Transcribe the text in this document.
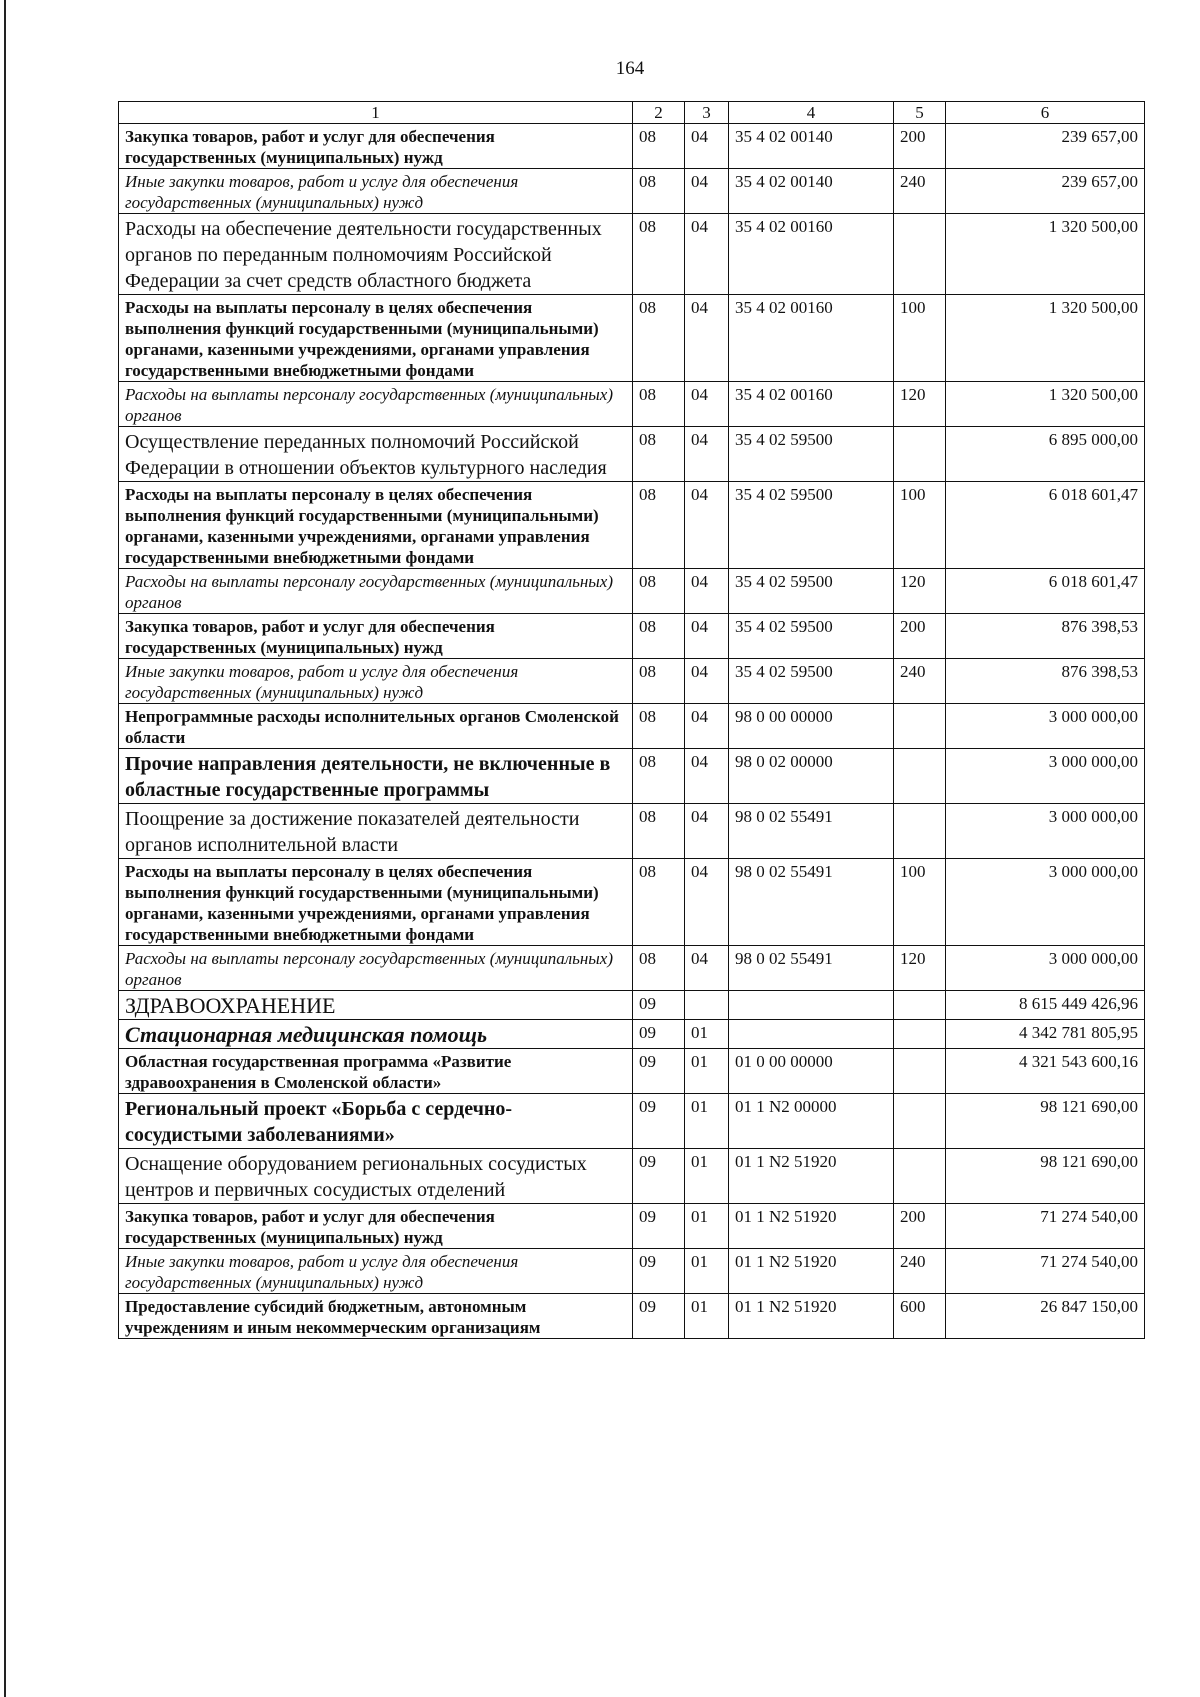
164
1	2	3	4	5	6
Закупка товаров, работ и услуг для обеспечения государственных (муниципальных) нужд	08	04	35 4 02 00140	200	239 657,00
Иные закупки товаров, работ и услуг для обеспечения государственных (муниципальных) нужд	08	04	35 4 02 00140	240	239 657,00
Расходы на обеспечение деятельности государственных органов по переданным полномочиям Российской Федерации за счет средств областного бюджета	08	04	35 4 02 00160		1 320 500,00
Расходы на выплаты персоналу в целях обеспечения выполнения функций государственными (муниципальными) органами, казенными учреждениями, органами управления государственными внебюджетными фондами	08	04	35 4 02 00160	100	1 320 500,00
Расходы на выплаты персоналу государственных (муниципальных) органов	08	04	35 4 02 00160	120	1 320 500,00
Осуществление переданных полномочий Российской Федерации в отношении объектов культурного наследия	08	04	35 4 02 59500		6 895 000,00
Расходы на выплаты персоналу в целях обеспечения выполнения функций государственными (муниципальными) органами, казенными учреждениями, органами управления государственными внебюджетными фондами	08	04	35 4 02 59500	100	6 018 601,47
Расходы на выплаты персоналу государственных (муниципальных) органов	08	04	35 4 02 59500	120	6 018 601,47
Закупка товаров, работ и услуг для обеспечения государственных (муниципальных) нужд	08	04	35 4 02 59500	200	876 398,53
Иные закупки товаров, работ и услуг для обеспечения государственных (муниципальных) нужд	08	04	35 4 02 59500	240	876 398,53
Непрограммные расходы исполнительных органов Смоленской области	08	04	98 0 00 00000		3 000 000,00
Прочие направления деятельности, не включенные в областные государственные программы	08	04	98 0 02 00000		3 000 000,00
Поощрение за достижение показателей деятельности органов исполнительной власти	08	04	98 0 02 55491		3 000 000,00
Расходы на выплаты персоналу в целях обеспечения выполнения функций государственными (муниципальными) органами, казенными учреждениями, органами управления государственными внебюджетными фондами	08	04	98 0 02 55491	100	3 000 000,00
Расходы на выплаты персоналу государственных (муниципальных) органов	08	04	98 0 02 55491	120	3 000 000,00
ЗДРАВООХРАНЕНИЕ	09				8 615 449 426,96
Стационарная медицинская помощь	09	01			4 342 781 805,95
Областная государственная программа «Развитие здравоохранения в Смоленской области»	09	01	01 0 00 00000		4 321 543 600,16
Региональный проект «Борьба с сердечно-сосудистыми заболеваниями»	09	01	01 1 N2 00000		98 121 690,00
Оснащение оборудованием региональных сосудистых центров и первичных сосудистых отделений	09	01	01 1 N2 51920		98 121 690,00
Закупка товаров, работ и услуг для обеспечения государственных (муниципальных) нужд	09	01	01 1 N2 51920	200	71 274 540,00
Иные закупки товаров, работ и услуг для обеспечения государственных (муниципальных) нужд	09	01	01 1 N2 51920	240	71 274 540,00
Предоставление субсидий бюджетным, автономным учреждениям и иным некоммерческим организациям	09	01	01 1 N2 51920	600	26 847 150,00
